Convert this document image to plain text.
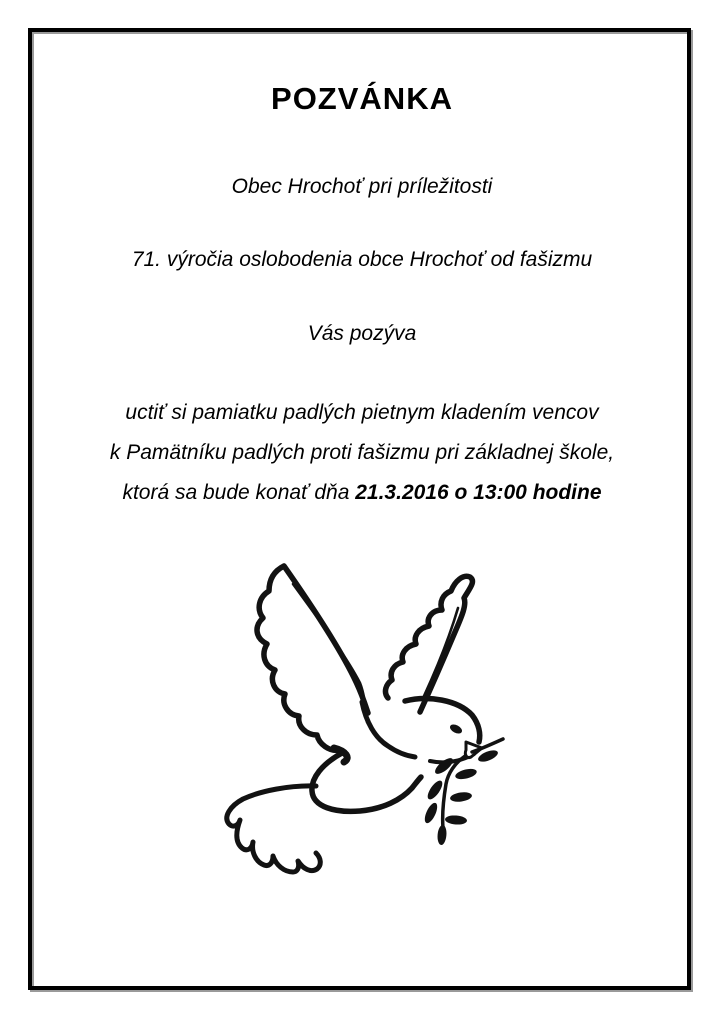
POZVÁNKA
Obec Hrochoť pri príležitosti
71. výročia oslobodenia obce Hrochoť od fašizmu
Vás pozýva
uctiť si pamiatku padlých pietnym kladením vencov
k Pamätníku padlých proti fašizmu pri základnej škole,
ktorá sa bude konať dňa 21.3.2016 o 13:00 hodine
